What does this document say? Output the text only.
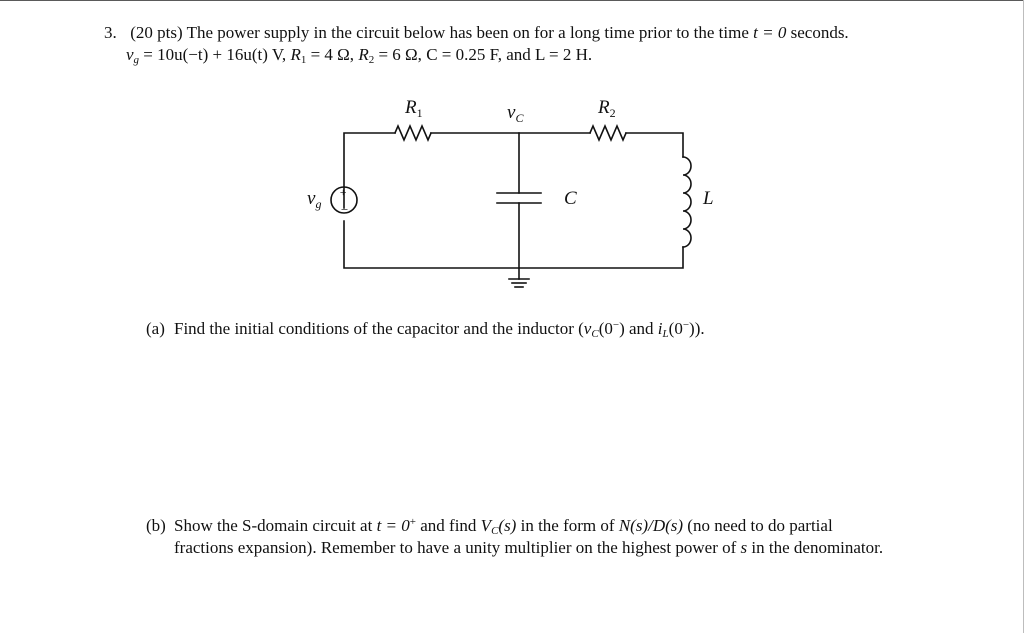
3. (20 pts) The power supply in the circuit below has been on for a long time prior to the time t = 0 seconds.
$v_g = 10u(-t) + 16u(t)$ V, $R_1 = 4$ Ω, $R_2 = 6$ Ω, C = 0.25 F, and L = 2 H.
+
−
$R_1$	$R_2$
$v_C$
C	L
$v_g$
(a) Find the initial conditions of the capacitor and the inductor ($v_C(0^-)$ and $i_L(0^-)$).
(b) Show the S-domain circuit at t = 0+ and find $V_C(s)$ in the form of N(s)/D(s) (no need to do partial
fractions expansion). Remember to have a unity multiplier on the highest power of s in the denominator.
